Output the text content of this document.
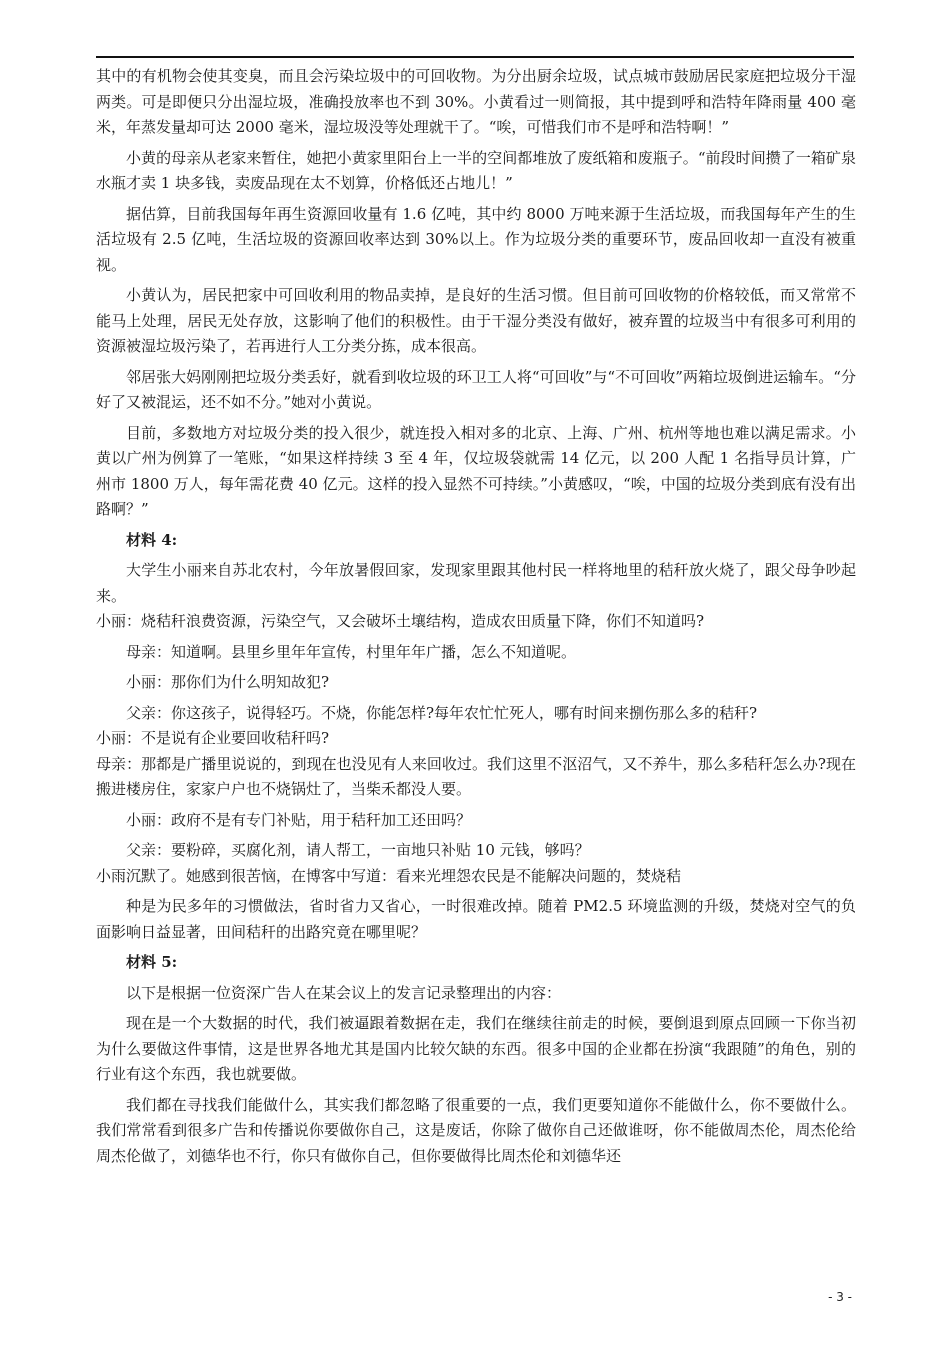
其中的有机物会使其变臭，而且会污染垃圾中的可回收物。为分出厨余垃圾，试点城市鼓励居民家庭把垃圾分干湿两类。可是即便只分出湿垃圾，准确投放率也不到 30%。小黄看过一则简报，其中提到呼和浩特年降雨量 400 毫米，年蒸发量却可达 2000 毫米，湿垃圾没等处理就干了。“唉，可惜我们市不是呼和浩特啊！”

小黄的母亲从老家来暂住，她把小黄家里阳台上一半的空间都堆放了废纸箱和废瓶子。“前段时间攒了一箱矿泉水瓶才卖 1 块多钱，卖废品现在太不划算，价格低还占地儿！”

据估算，目前我国每年再生资源回收量有 1.6 亿吨，其中约 8000 万吨来源于生活垃圾，而我国每年产生的生活垃圾有 2.5 亿吨，生活垃圾的资源回收率达到 30%以上。作为垃圾分类的重要环节，废品回收却一直没有被重视。

小黄认为，居民把家中可回收利用的物品卖掉，是良好的生活习惯。但目前可回收物的价格较低，而又常常不能马上处理，居民无处存放，这影响了他们的积极性。由于干湿分类没有做好，被弃置的垃圾当中有很多可利用的资源被湿垃圾污染了，若再进行人工分类分拣，成本很高。

邻居张大妈刚刚把垃圾分类丢好，就看到收垃圾的环卫工人将“可回收”与“不可回收”两箱垃圾倒进运输车。“分好了又被混运，还不如不分。”她对小黄说。

目前，多数地方对垃圾分类的投入很少，就连投入相对多的北京、上海、广州、杭州等地也难以满足需求。小黄以广州为例算了一笔账，“如果这样持续 3 至 4 年，仅垃圾袋就需 14 亿元，以 200 人配 1 名指导员计算，广州市 1800 万人，每年需花费 40 亿元。这样的投入显然不可持续。”小黄感叹，“唉，中国的垃圾分类到底有没有出路啊？”

材料 4:

大学生小丽来自苏北农村，今年放暑假回家，发现家里跟其他村民一样将地里的秸秆放火烧了，跟父母争吵起来。

小丽：烧秸秆浪费资源，污染空气，又会破坏土壤结构，造成农田质量下降，你们不知道吗?

母亲：知道啊。县里乡里年年宣传，村里年年广播，怎么不知道呢。

小丽：那你们为什么明知故犯?

父亲：你这孩子，说得轻巧。不烧，你能怎样?每年农忙忙死人，哪有时间来捌伤那么多的秸秆?

小丽：不是说有企业要回收秸秆吗?

母亲：那都是广播里说说的，到现在也没见有人来回收过。我们这里不沤沼气，又不养牛，那么多秸秆怎么办?现在搬进楼房住，家家户户也不烧锅灶了，当柴禾都没人要。

小丽：政府不是有专门补贴，用于秸秆加工还田吗？

父亲：要粉碎，买腐化剂，请人帮工，一亩地只补贴 10 元钱，够吗？

小雨沉默了。她感到很苦恼，在博客中写道：看来光埋怨农民是不能解决问题的，焚烧秸

种是为民多年的习惯做法，省时省力又省心，一时很难改掉。随着 PM2.5 环境监测的升级，焚烧对空气的负面影响日益显著，田间秸秆的出路究竟在哪里呢？

材料 5:

以下是根据一位资深广告人在某会议上的发言记录整理出的内容：

现在是一个大数据的时代，我们被逼跟着数据在走，我们在继续往前走的时候，要倒退到原点回顾一下你当初为什么要做这件事情，这是世界各地尤其是国内比较欠缺的东西。很多中国的企业都在扮演“我跟随”的角色，别的行业有这个东西，我也就要做。

我们都在寻找我们能做什么，其实我们都忽略了很重要的一点，我们更要知道你不能做什么，你不要做什么。我们常常看到很多广告和传播说你要做你自己，这是废话，你除了做你自己还做谁呀，你不能做周杰伦，周杰伦给周杰伦做了，刘德华也不行，你只有做你自己，但你要做得比周杰伦和刘德华还

- 3 -
